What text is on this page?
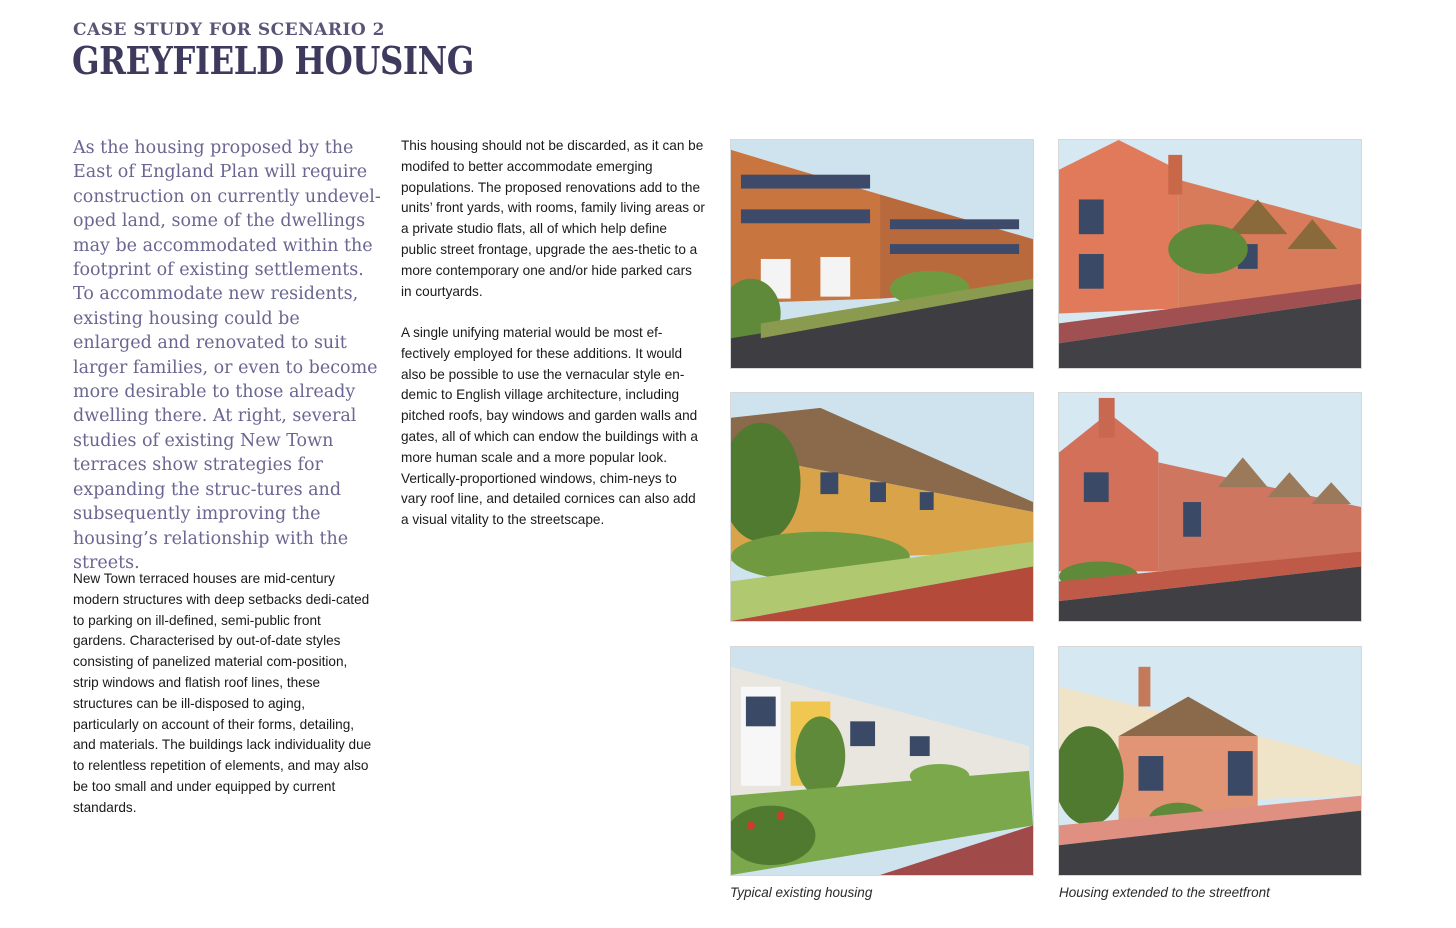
CASE STUDY FOR SCENARIO 2
GREYFIELD HOUSING

As the housing proposed by the East of England Plan will require construction on currently undevel-oped land, some of the dwellings may be accommodated within the footprint of existing settlements. To accommodate new residents, existing housing could be enlarged and renovated to suit larger families, or even to become more desirable to those already dwelling there. At right, several studies of existing New Town terraces show strategies for expanding the struc-tures and subsequently improving the housing’s relationship with the streets.

New Town terraced houses are mid-century modern structures with deep setbacks dedi-cated to parking on ill-defined, semi-public front gardens. Characterised by out-of-date styles consisting of panelized material com-position, strip windows and flatish roof lines, these structures can be ill-disposed to aging, particularly on account of their forms, detailing, and materials. The buildings lack individuality due to relentless repetition of elements, and may also be too small and under equipped by current standards.

This housing should not be discarded, as it can be modifed to better accommodate emerging populations. The proposed renovations add to the units’ front yards, with rooms, family living areas or a private studio flats, all of which help define public street frontage, upgrade the aes-thetic to a more contemporary one and/or hide parked cars in courtyards.

A single unifying material would be most ef-fectively employed for these additions. It would also be possible to use the vernacular style en-demic to English village architecture, including pitched roofs, bay windows and garden walls and gates, all of which can endow the buildings with a more human scale and a more popular look. Vertically-proportioned windows, chim-neys to vary roof line, and detailed cornices can also add a visual vitality to the streetscape.

Typical existing housing	Housing extended to the streetfront
